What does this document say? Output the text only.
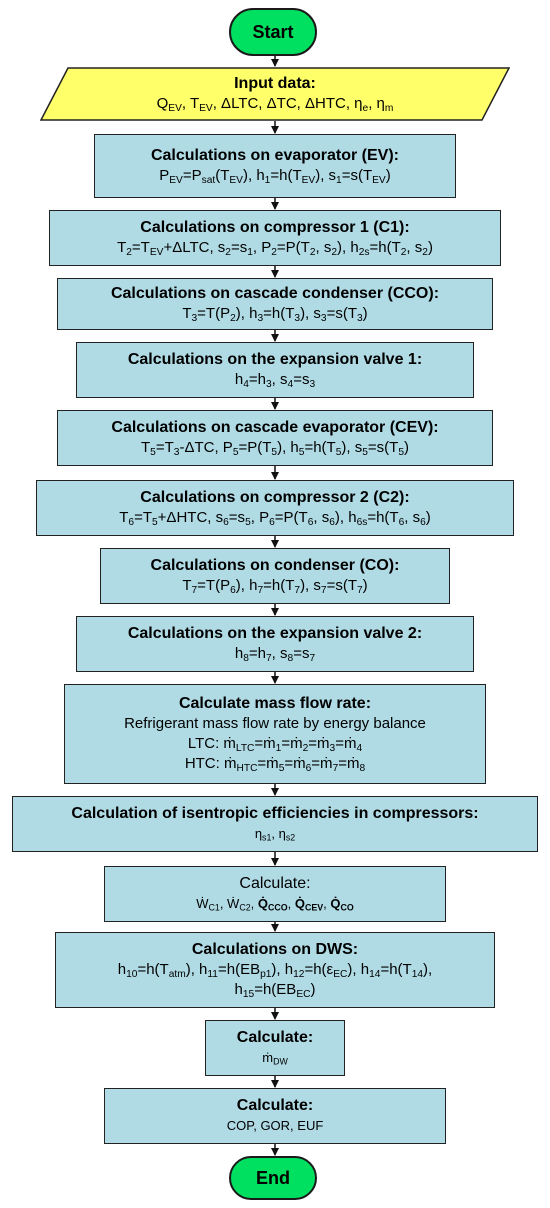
Start
Input data:
$Q_{EV}$, $T_{EV}$, ΔLTC, ΔTC, ΔHTC, $\eta_e$, $\eta_m$
Calculations on evaporator (EV):
$P_{EV}=P_{sat}(T_{EV})$, $h_1=h(T_{EV})$, $s_1=s(T_{EV})$
Calculations on compressor 1 (C1):
$T_2=T_{EV}+\Delta LTC$, $s_2=s_1$, $P_2=P(T_2$, $s_2$), $h_{2s}=h(T_2$, $s_2$)
Calculations on cascade condenser (CCO):
$T_3=T(P_2)$, $h_3=h(T_3)$, $s_3=s(T_3)$
Calculations on the expansion valve 1:
$h_4=h_3$, $s_4=s_3$
Calculations on cascade evaporator (CEV):
$T_5=T_3$-ΔTC, $P_5=P(T_5)$, $h_5=h(T_5)$, $s_5=s(T_5)$
Calculations on compressor 2 (C2):
$T_6=T_5+\Delta HTC$, $s_6=s_5$, $P_6=P(T_6$, $s_6$), $h_{6s}=h(T_6$, $s_6$)
Calculations on condenser (CO):
$T_7=T(P_6)$, $h_7=h(T_7)$, $s_7=s(T_7)$
Calculations on the expansion valve 2:
$h_8=h_7$, $s_8=s_7$
Calculate mass flow rate:
Refrigerant mass flow rate by energy balance
LTC: ṁ$_{LTC}$=ṁ$_1$=ṁ$_2$=ṁ$_3$=ṁ$_4$
HTC: ṁ$_{HTC}$=ṁ$_5$=ṁ$_6$=ṁ$_7$=ṁ$_8$
Calculation of isentropic efficiencies in compressors:
$\eta_{s1}$, $\eta_{s2}$
Calculate:
Ẇ$_{C1}$, Ẇ$_{C2}$, $Q̇_{CCO}$, $Q̇_{CEV}$, $Q̇_{CO}$
Calculations on DWS:
$h_{10}=h(T_{atm})$, $h_{11}=h(EB_{p1})$, $h_{12}=h(\varepsilon_{EC})$, $h_{14}=h(T_{14})$,
$h_{15}=h(EB_{EC})$
Calculate:
ṁ$_{DW}$
Calculate:
COP, GOR, EUF
End
